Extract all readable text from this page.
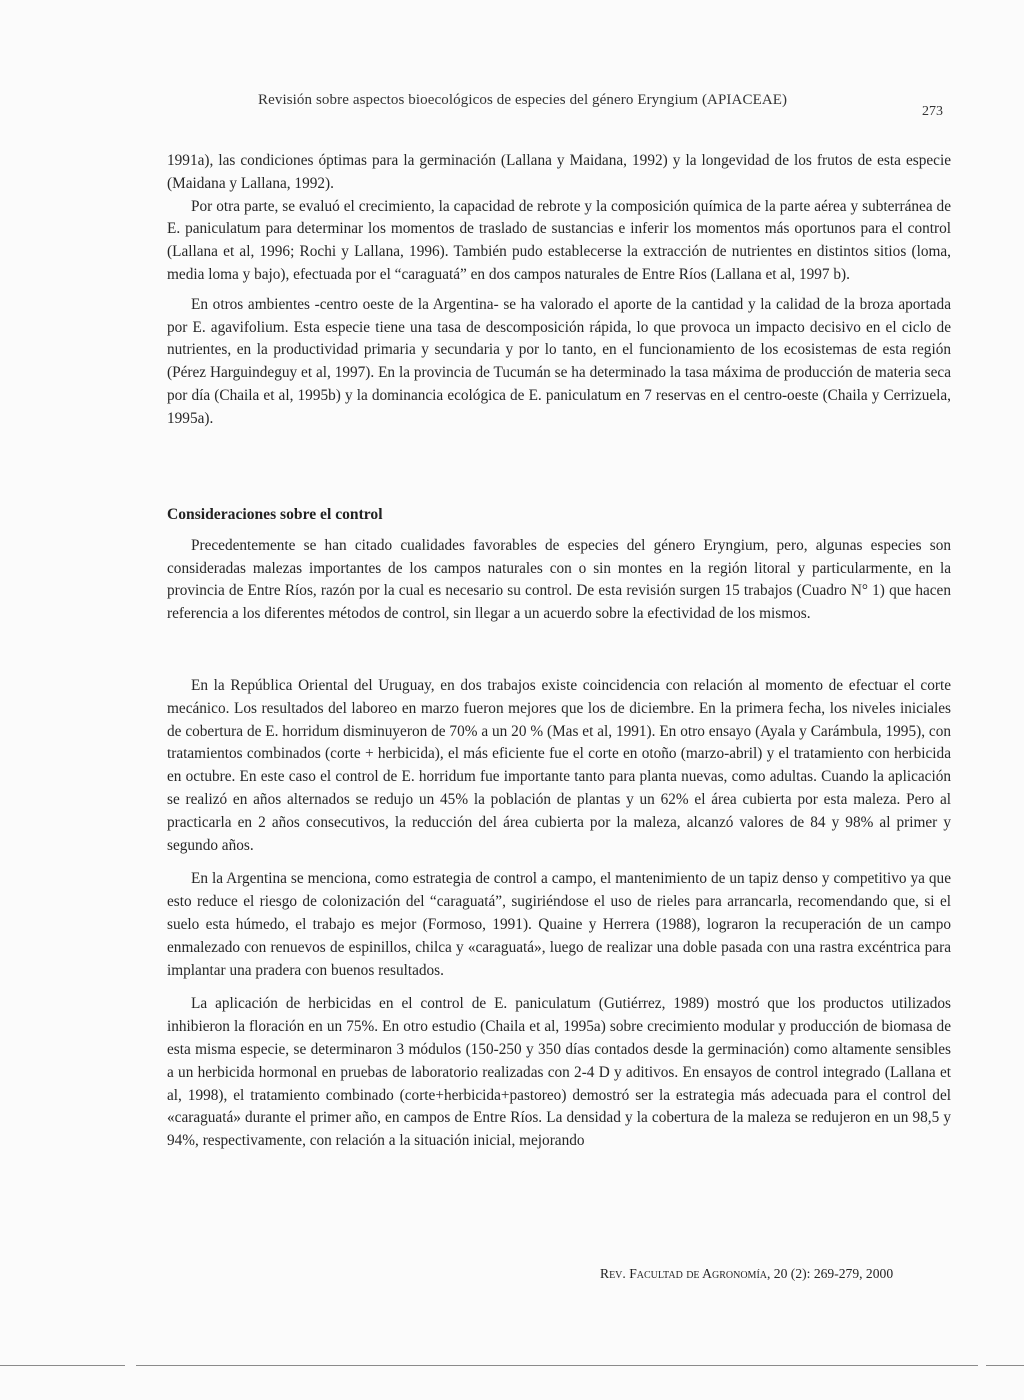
Revisión sobre aspectos bioecológicos de especies del género Eryngium (APIACEAE)
273

1991a), las condiciones óptimas para la germinación (Lallana y Maidana, 1992) y la longevidad de los frutos de esta especie (Maidana y Lallana, 1992).

Por otra parte, se evaluó el crecimiento, la capacidad de rebrote y la composición química de la parte aérea y subterránea de E. paniculatum para determinar los momentos de traslado de sustancias e inferir los momentos más oportunos para el control (Lallana et al, 1996; Rochi y Lallana, 1996). También pudo establecerse la extracción de nutrientes en distintos sitios (loma, media loma y bajo), efectuada por el “caraguatá” en dos campos naturales de Entre Ríos (Lallana et al, 1997 b).

En otros ambientes -centro oeste de la Argentina- se ha valorado el aporte de la cantidad y la calidad de la broza aportada por E. agavifolium. Esta especie tiene una tasa de descomposición rápida, lo que provoca un impacto decisivo en el ciclo de nutrientes, en la productividad primaria y secundaria y por lo tanto, en el funcionamiento de los ecosistemas de esta región (Pérez Harguindeguy et al, 1997). En la provincia de Tucumán se ha determinado la tasa máxima de producción de materia seca por día (Chaila et al, 1995b) y la dominancia ecológica de E. paniculatum en 7 reservas en el centro-oeste (Chaila y Cerrizuela, 1995a).

Consideraciones sobre el control

Precedentemente se han citado cualidades favorables de especies del género Eryngium, pero, algunas especies son consideradas malezas importantes de los campos naturales con o sin montes en la región litoral y particularmente, en la provincia de Entre Ríos, razón por la cual es necesario su control. De esta revisión surgen 15 trabajos (Cuadro N° 1) que hacen referencia a los diferentes métodos de control, sin llegar a un acuerdo sobre la efectividad de los mismos.

En la República Oriental del Uruguay, en dos trabajos existe coincidencia con relación al momento de efectuar el corte mecánico. Los resultados del laboreo en marzo fueron mejores que los de diciembre. En la primera fecha, los niveles iniciales de cobertura de E. horridum disminuyeron de 70% a un 20 % (Mas et al, 1991). En otro ensayo (Ayala y Carámbula, 1995), con tratamientos combinados (corte + herbicida), el más eficiente fue el corte en otoño (marzo-abril) y el tratamiento con herbicida en octubre. En este caso el control de E. horridum fue importante tanto para planta nuevas, como adultas. Cuando la aplicación se realizó en años alternados se redujo un 45% la población de plantas y un 62% el área cubierta por esta maleza. Pero al practicarla en 2 años consecutivos, la reducción del área cubierta por la maleza, alcanzó valores de 84 y 98% al primer y segundo años.

En la Argentina se menciona, como estrategia de control a campo, el mantenimiento de un tapiz denso y competitivo ya que esto reduce el riesgo de colonización del “caraguatá”, sugiriéndose el uso de rieles para arrancarla, recomendando que, si el suelo esta húmedo, el trabajo es mejor (Formoso, 1991). Quaine y Herrera (1988), lograron la recuperación de un campo enmalezado con renuevos de espinillos, chilca y «caraguatá», luego de realizar una doble pasada con una rastra excéntrica para implantar una pradera con buenos resultados.

La aplicación de herbicidas en el control de E. paniculatum (Gutiérrez, 1989) mostró que los productos utilizados inhibieron la floración en un 75%. En otro estudio (Chaila et al, 1995a) sobre crecimiento modular y producción de biomasa de esta misma especie, se determinaron 3 módulos (150-250 y 350 días contados desde la germinación) como altamente sensibles a un herbicida hormonal en pruebas de laboratorio realizadas con 2-4 D y aditivos. En ensayos de control integrado (Lallana et al, 1998), el tratamiento combinado (corte+herbicida+pastoreo) demostró ser la estrategia más adecuada para el control del «caraguatá» durante el primer año, en campos de Entre Ríos. La densidad y la cobertura de la maleza se redujeron en un 98,5 y 94%, respectivamente, con relación a la situación inicial, mejorando

Rev. Facultad de Agronomía, 20 (2): 269-279, 2000
